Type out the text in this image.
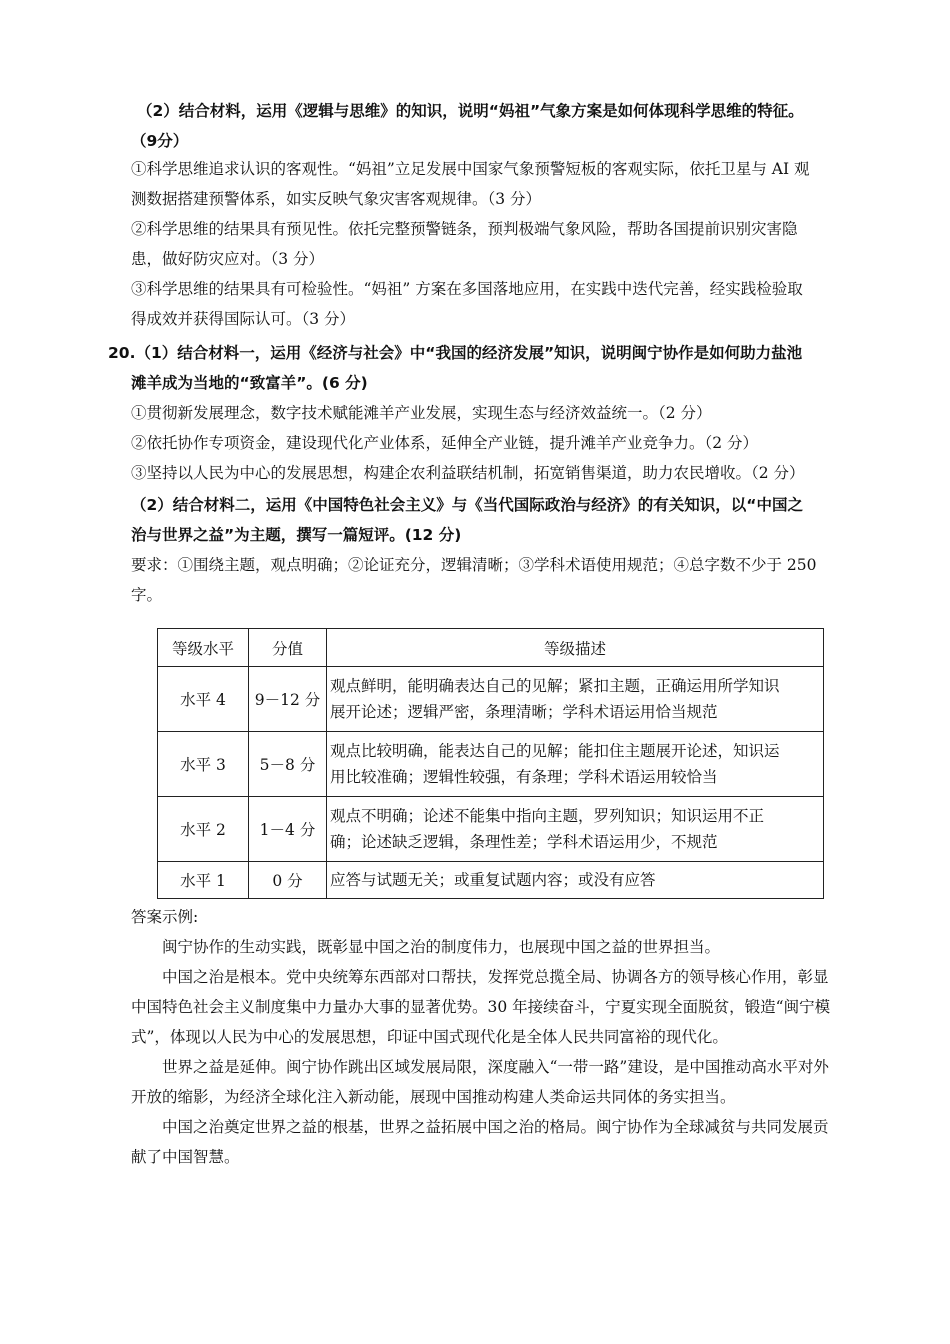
（2）结合材料，运用《逻辑与思维》的知识，说明“妈祖”气象方案是如何体现科学思维的特征。
（9分）
①科学思维追求认识的客观性。“妈祖”立足发展中国家气象预警短板的客观实际，依托卫星与 AI 观
测数据搭建预警体系，如实反映气象灾害客观规律。（3 分）
②科学思维的结果具有预见性。依托完整预警链条，预判极端气象风险，帮助各国提前识别灾害隐
患，做好防灾应对。（3 分）
③科学思维的结果具有可检验性。“妈祖” 方案在多国落地应用，在实践中迭代完善，经实践检验取
得成效并获得国际认可。（3 分）
20.（1）结合材料一，运用《经济与社会》中“我国的经济发展”知识，说明闽宁协作是如何助力盐池
滩羊成为当地的“致富羊”。(6 分)
①贯彻新发展理念，数字技术赋能滩羊产业发展，实现生态与经济效益统一。（2 分）
②依托协作专项资金，建设现代化产业体系，延伸全产业链，提升滩羊产业竞争力。（2 分）
③坚持以人民为中心的发展思想，构建企农利益联结机制，拓宽销售渠道，助力农民增收。（2 分）
（2）结合材料二，运用《中国特色社会主义》与《当代国际政治与经济》的有关知识，以“中国之
治与世界之益”为主题，撰写一篇短评。(12 分)
要求：①围绕主题，观点明确；②论证充分，逻辑清晰；③学科术语使用规范；④总字数不少于 250
字。
等级水平	分值	等级描述
水平 4	9－12 分	观点鲜明，能明确表达自己的见解；紧扣主题，正确运用所学知识
展开论述；逻辑严密，条理清晰；学科术语运用恰当规范

水平 3	5－8 分	观点比较明确，能表达自己的见解；能扣住主题展开论述，知识运
用比较准确；逻辑性较强，有条理；学科术语运用较恰当

水平 2	1－4 分	观点不明确；论述不能集中指向主题，罗列知识；知识运用不正
确；论述缺乏逻辑，条理性差；学科术语运用少，不规范

水平 1	0 分	应答与试题无关；或重复试题内容；或没有应答
答案示例:

闽宁协作的生动实践，既彰显中国之治的制度伟力，也展现中国之益的世界担当。

中国之治是根本。党中央统筹东西部对口帮扶，发挥党总揽全局、协调各方的领导核心作用，彰显中国特色社会主义制度集中力量办大事的显著优势。30 年接续奋斗，宁夏实现全面脱贫，锻造“闽宁模式”，体现以人民为中心的发展思想，印证中国式现代化是全体人民共同富裕的现代化。

世界之益是延伸。闽宁协作跳出区域发展局限，深度融入“一带一路”建设，是中国推动高水平对外开放的缩影，为经济全球化注入新动能，展现中国推动构建人类命运共同体的务实担当。

中国之治奠定世界之益的根基，世界之益拓展中国之治的格局。闽宁协作为全球减贫与共同发展贡献了中国智慧。
